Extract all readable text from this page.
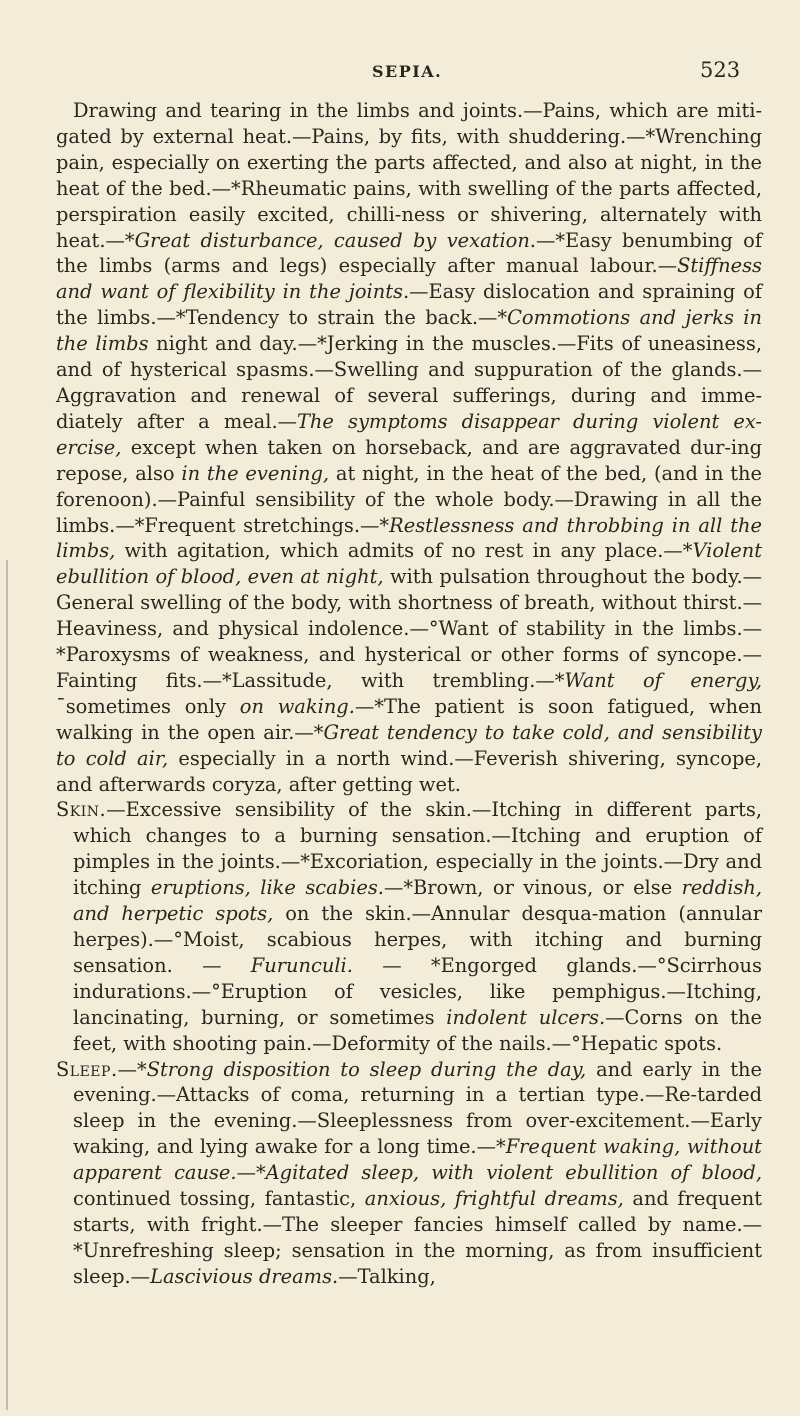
SEPIA.	523

Drawing and tearing in the limbs and joints.—Pains, which are miti-gated by external heat.—Pains, by fits, with shuddering.—*Wrenching pain, especially on exerting the parts affected, and also at night, in the heat of the bed.—*Rheumatic pains, with swelling of the parts affected, perspiration easily excited, chilli-ness or shivering, alternately with heat.—*Great disturbance, caused by vexation.—*Easy benumbing of the limbs (arms and legs) especially after manual labour.—Stiffness and want of flexibility in the joints.—Easy dislocation and spraining of the limbs.—*Tendency to strain the back.—*Commotions and jerks in the limbs night and day.—*Jerking in the muscles.—Fits of uneasiness, and of hysterical spasms.—Swelling and suppuration of the glands.—Aggravation and renewal of several sufferings, during and imme-diately after a meal.—The symptoms disappear during violent ex-ercise, except when taken on horseback, and are aggravated dur-ing repose, also in the evening, at night, in the heat of the bed, (and in the forenoon).—Painful sensibility of the whole body.—Drawing in all the limbs.—*Frequent stretchings.—*Restlessness and throbbing in all the limbs, with agitation, which admits of no rest in any place.—*Violent ebullition of blood, even at night, with pulsation throughout the body.—General swelling of the body, with shortness of breath, without thirst.—Heaviness, and physical indolence.—°Want of stability in the limbs.—*Paroxysms of weakness, and hysterical or other forms of syncope.—Fainting fits.—*Lassitude, with trembling.—*Want of energy, ¯sometimes only on waking.—*The patient is soon fatigued, when walking in the open air.—*Great tendency to take cold, and sensibility to cold air, especially in a north wind.—Feverish shivering, syncope, and afterwards coryza, after getting wet.

Skin.—Excessive sensibility of the skin.—Itching in different parts, which changes to a burning sensation.—Itching and eruption of pimples in the joints.—*Excoriation, especially in the joints.—Dry and itching eruptions, like scabies.—*Brown, or vinous, or else reddish, and herpetic spots, on the skin.—Annular desqua-mation (annular herpes).—°Moist, scabious herpes, with itching and burning sensation. — Furunculi. — *Engorged glands.—°Scirrhous indurations.—°Eruption of vesicles, like pemphigus.—Itching, lancinating, burning, or sometimes indolent ulcers.—Corns on the feet, with shooting pain.—Deformity of the nails.—°Hepatic spots.

Sleep.—*Strong disposition to sleep during the day, and early in the evening.—Attacks of coma, returning in a tertian type.—Re-tarded sleep in the evening.—Sleeplessness from over-excitement.—Early waking, and lying awake for a long time.—*Frequent waking, without apparent cause.—*Agitated sleep, with violent ebullition of blood, continued tossing, fantastic, anxious, frightful dreams, and frequent starts, with fright.—The sleeper fancies himself called by name.—*Unrefreshing sleep; sensation in the morning, as from insufficient sleep.—Lascivious dreams.—Talking,
